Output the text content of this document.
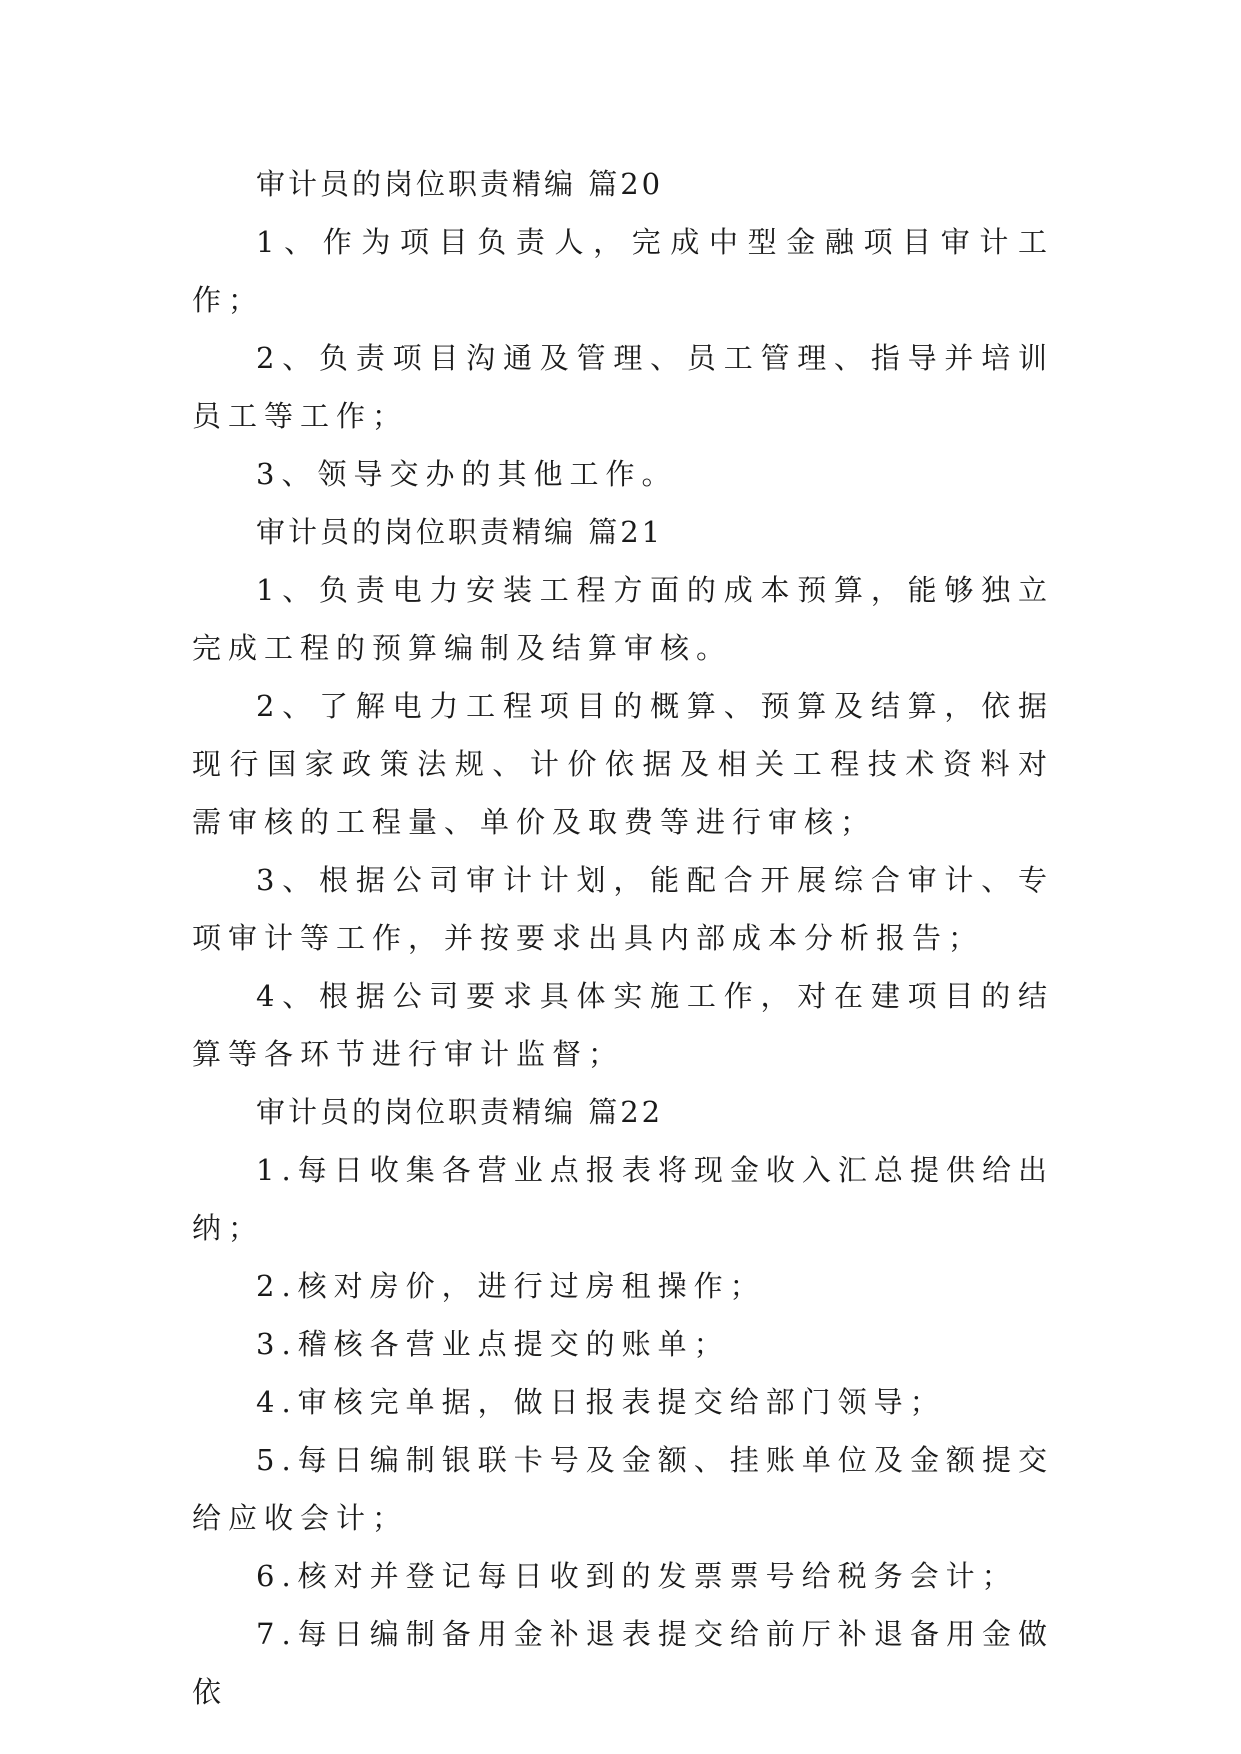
审计员的岗位职责精编 篇20

1、作为项目负责人，完成中型金融项目审计工作；

2、负责项目沟通及管理、员工管理、指导并培训员工等工作；

3、领导交办的其他工作。

审计员的岗位职责精编 篇21

1、负责电力安装工程方面的成本预算，能够独立完成工程的预算编制及结算审核。

2、了解电力工程项目的概算、预算及结算，依据现行国家政策法规、计价依据及相关工程技术资料对需审核的工程量、单价及取费等进行审核；

3、根据公司审计计划，能配合开展综合审计、专项审计等工作，并按要求出具内部成本分析报告；

4、根据公司要求具体实施工作，对在建项目的结算等各环节进行审计监督；

审计员的岗位职责精编 篇22

1.每日收集各营业点报表将现金收入汇总提供给出纳；

2.核对房价，进行过房租操作；

3.稽核各营业点提交的账单；

4.审核完单据，做日报表提交给部门领导；

5.每日编制银联卡号及金额、挂账单位及金额提交给应收会计；

6.核对并登记每日收到的发票票号给税务会计；

7.每日编制备用金补退表提交给前厅补退备用金做依
